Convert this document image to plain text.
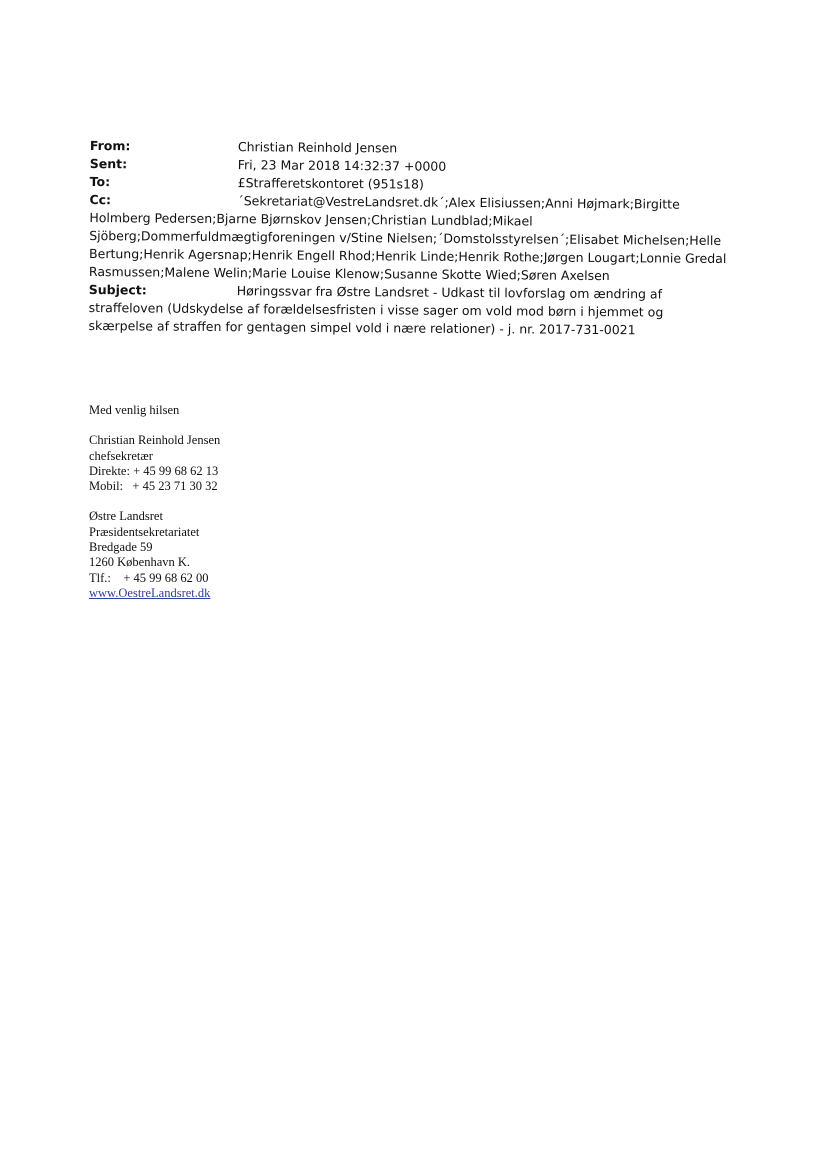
From:	Christian Reinhold Jensen
Sent:	Fri, 23 Mar 2018 14:32:37 +0000
To:	£Strafferetskontoret (951s18)
Cc:	´Sekretariat@VestreLandsret.dk´;Alex Elisiussen;Anni Højmark;Birgitte Holmberg Pedersen;Bjarne Bjørnskov Jensen;Christian Lundblad;Mikael Sjöberg;Dommerfuldmægtigforeningen v/Stine Nielsen;´Domstolsstyrelsen´;Elisabet Michelsen;Helle Bertung;Henrik Agersnap;Henrik Engell Rhod;Henrik Linde;Henrik Rothe;Jørgen Lougart;Lonnie Gredal Rasmussen;Malene Welin;Marie Louise Klenow;Susanne Skotte Wied;Søren Axelsen
Subject:	Høringssvar fra Østre Landsret - Udkast til lovforslag om ændring af straffeloven (Udskydelse af forældelsesfristen i visse sager om vold mod børn i hjemmet og skærpelse af straffen for gentagen simpel vold i nære relationer) - j. nr. 2017-731-0021
Med venlig hilsen
Christian Reinhold Jensen
chefsekretær
Direkte: + 45 99 68 62 13
Mobil:   + 45 23 71 30 32
Østre Landsret
Præsidentsekretariatet
Bredgade 59
1260 København K.
Tlf.:    + 45 99 68 62 00
www.OestreLandsret.dk
